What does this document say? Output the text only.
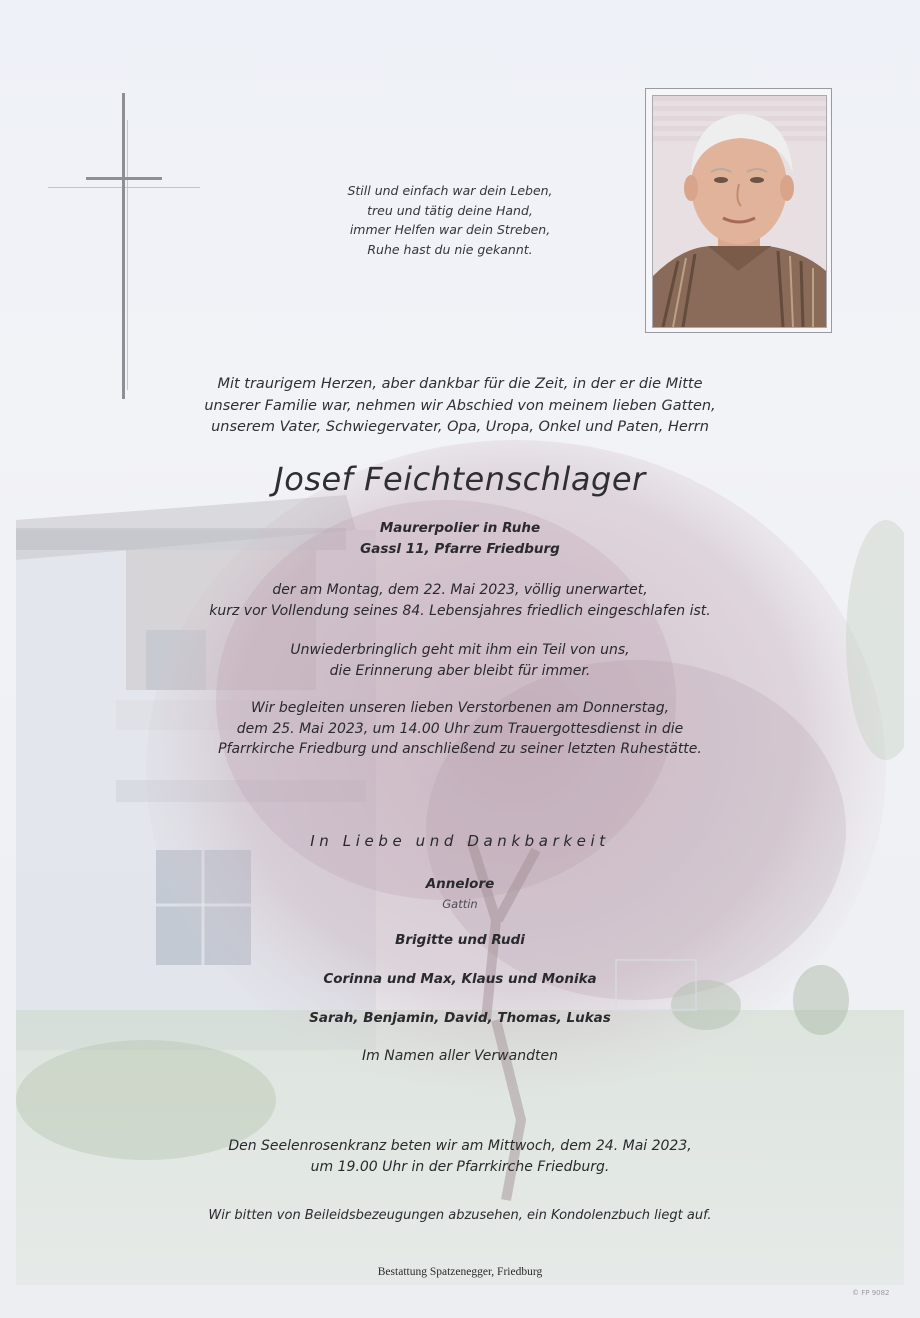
Still und einfach war dein Leben,
treu und tätig deine Hand,
immer Helfen war dein Streben,
Ruhe hast du nie gekannt.
Mit traurigem Herzen, aber dankbar für die Zeit, in der er die Mitte
unserer Familie war, nehmen wir Abschied von meinem lieben Gatten,
unserem Vater, Schwiegervater, Opa, Uropa, Onkel und Paten, Herrn
Josef Feichtenschlager
Maurerpolier in Ruhe
Gassl 11, Pfarre Friedburg
der am Montag, dem 22. Mai 2023, völlig unerwartet,
kurz vor Vollendung seines 84. Lebensjahres friedlich eingeschlafen ist.
Unwiederbringlich geht mit ihm ein Teil von uns,
die Erinnerung aber bleibt für immer.
Wir begleiten unseren lieben Verstorbenen am Donnerstag,
dem 25. Mai 2023, um 14.00 Uhr zum Trauergottesdienst in die
Pfarrkirche Friedburg und anschließend zu seiner letzten Ruhestätte.
In Liebe und Dankbarkeit
Annelore
Gattin
Brigitte und Rudi
Corinna und Max, Klaus und Monika
Sarah, Benjamin, David, Thomas, Lukas
Im Namen aller Verwandten
Den Seelenrosenkranz beten wir am Mittwoch, dem 24. Mai 2023,
um 19.00 Uhr in der Pfarrkirche Friedburg.
Wir bitten von Beileidsbezeugungen abzusehen, ein Kondolenzbuch liegt auf.
Bestattung Spatzenegger, Friedburg
© FP 9082
